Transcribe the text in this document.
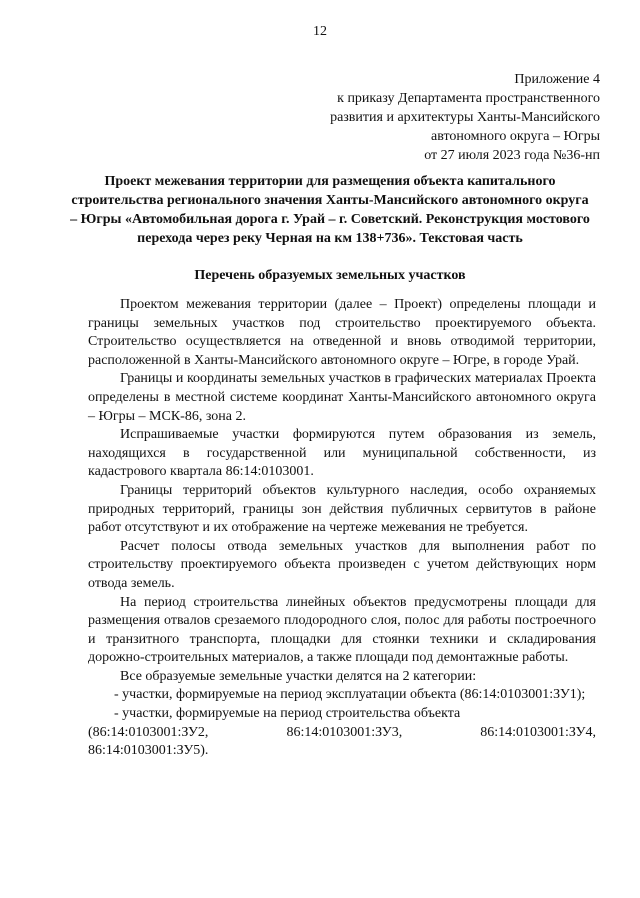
12
Приложение 4
к приказу Департамента пространственного
развития и архитектуры Ханты-Мансийского
автономного округа – Югры
от 27 июля 2023 года №36-нп
Проект межевания территории для размещения объекта капитального строительства регионального значения Ханты-Мансийского автономного округа – Югры «Автомобильная дорога г. Урай – г. Советский. Реконструкция мостового перехода через реку Черная на км 138+736». Текстовая часть
Перечень образуемых земельных участков

Проектом межевания территории (далее – Проект) определены площади и границы земельных участков под строительство проектируемого объекта. Строительство осуществляется на отведенной и вновь отводимой территории, расположенной в Ханты-Мансийского автономного округе – Югре, в городе Урай.

Границы и координаты земельных участков в графических материалах Проекта определены в местной системе координат Ханты-Мансийского автономного округа – Югры – МСК-86, зона 2.

Испрашиваемые участки формируются путем образования из земель, находящихся в государственной или муниципальной собственности, из кадастрового квартала 86:14:0103001.

Границы территорий объектов культурного наследия, особо охраняемых природных территорий, границы зон действия публичных сервитутов в районе работ отсутствуют и их отображение на чертеже межевания не требуется.

Расчет полосы отвода земельных участков для выполнения работ по строительству проектируемого объекта произведен с учетом действующих норм отвода земель.

На период строительства линейных объектов предусмотрены площади для размещения отвалов срезаемого плодородного слоя, полос для работы построечного и транзитного транспорта, площадки для стоянки техники и складирования дорожно-строительных материалов, а также площади под демонтажные работы.

Все образуемые земельные участки делятся на 2 категории:

- участки, формируемые на период эксплуатации объекта (86:14:0103001:ЗУ1);

- участки, формируемые на период строительства объекта

(86:14:0103001:ЗУ2,	86:14:0103001:ЗУ3,	86:14:0103001:ЗУ4,
86:14:0103001:ЗУ5).
